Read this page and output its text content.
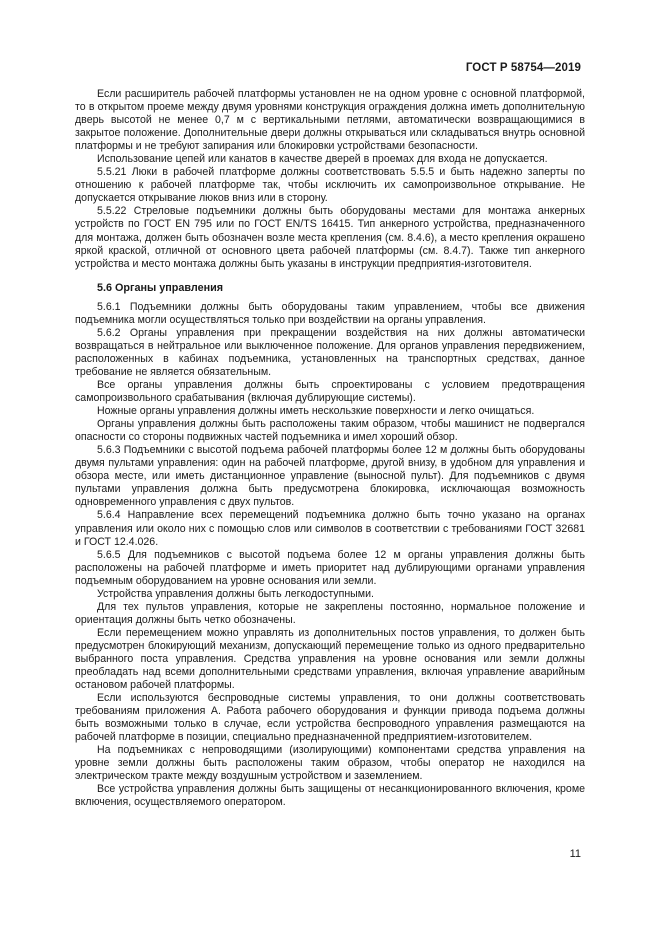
ГОСТ Р 58754—2019

Если расширитель рабочей платформы установлен не на одном уровне с основной платформой, то в открытом проеме между двумя уровнями конструкция ограждения должна иметь дополнительную дверь высотой не менее 0,7 м с вертикальными петлями, автоматически возвращающимися в закрытое положение. Дополнительные двери должны открываться или складываться внутрь основной платформы и не требуют запирания или блокировки устройствами безопасности.

Использование цепей или канатов в качестве дверей в проемах для входа не допускается.

5.5.21 Люки в рабочей платформе должны соответствовать 5.5.5 и быть надежно заперты по отношению к рабочей платформе так, чтобы исключить их самопроизвольное открывание. Не допускается открывание люков вниз или в сторону.

5.5.22 Стреловые подъемники должны быть оборудованы местами для монтажа анкерных устройств по ГОСТ EN 795 или по ГОСТ EN/TS 16415. Тип анкерного устройства, предназначенного для монтажа, должен быть обозначен возле места крепления (см. 8.4.6), а место крепления окрашено яркой краской, отличной от основного цвета рабочей платформы (см. 8.4.7). Также тип анкерного устройства и место монтажа должны быть указаны в инструкции предприятия-изготовителя.

5.6 Органы управления

5.6.1 Подъемники должны быть оборудованы таким управлением, чтобы все движения подъемника могли осуществляться только при воздействии на органы управления.

5.6.2 Органы управления при прекращении воздействия на них должны автоматически возвращаться в нейтральное или выключенное положение. Для органов управления передвижением, расположенных в кабинах подъемника, установленных на транспортных средствах, данное требование не является обязательным.

Все органы управления должны быть спроектированы с условием предотвращения самопроизвольного срабатывания (включая дублирующие системы).

Ножные органы управления должны иметь нескользкие поверхности и легко очищаться.

Органы управления должны быть расположены таким образом, чтобы машинист не подвергался опасности со стороны подвижных частей подъемника и имел хороший обзор.

5.6.3 Подъемники с высотой подъема рабочей платформы более 12 м должны быть оборудованы двумя пультами управления: один на рабочей платформе, другой внизу, в удобном для управления и обзора месте, или иметь дистанционное управление (выносной пульт). Для подъемников с двумя пультами управления должна быть предусмотрена блокировка, исключающая возможность одновременного управления с двух пультов.

5.6.4 Направление всех перемещений подъемника должно быть точно указано на органах управления или около них с помощью слов или символов в соответствии с требованиями ГОСТ 32681 и ГОСТ 12.4.026.

5.6.5 Для подъемников с высотой подъема более 12 м органы управления должны быть расположены на рабочей платформе и иметь приоритет над дублирующими органами управления подъемным оборудованием на уровне основания или земли.

Устройства управления должны быть легкодоступными.

Для тех пультов управления, которые не закреплены постоянно, нормальное положение и ориентация должны быть четко обозначены.

Если перемещением можно управлять из дополнительных постов управления, то должен быть предусмотрен блокирующий механизм, допускающий перемещение только из одного предварительно выбранного поста управления. Средства управления на уровне основания или земли должны преобладать над всеми дополнительными средствами управления, включая управление аварийным остановом рабочей платформы.

Если используются беспроводные системы управления, то они должны соответствовать требованиям приложения А. Работа рабочего оборудования и функции привода подъема должны быть возможными только в случае, если устройства беспроводного управления размещаются на рабочей платформе в позиции, специально предназначенной предприятием-изготовителем.

На подъемниках с непроводящими (изолирующими) компонентами средства управления на уровне земли должны быть расположены таким образом, чтобы оператор не находился на электрическом тракте между воздушным устройством и заземлением.

Все устройства управления должны быть защищены от несанкционированного включения, кроме включения, осуществляемого оператором.

11
